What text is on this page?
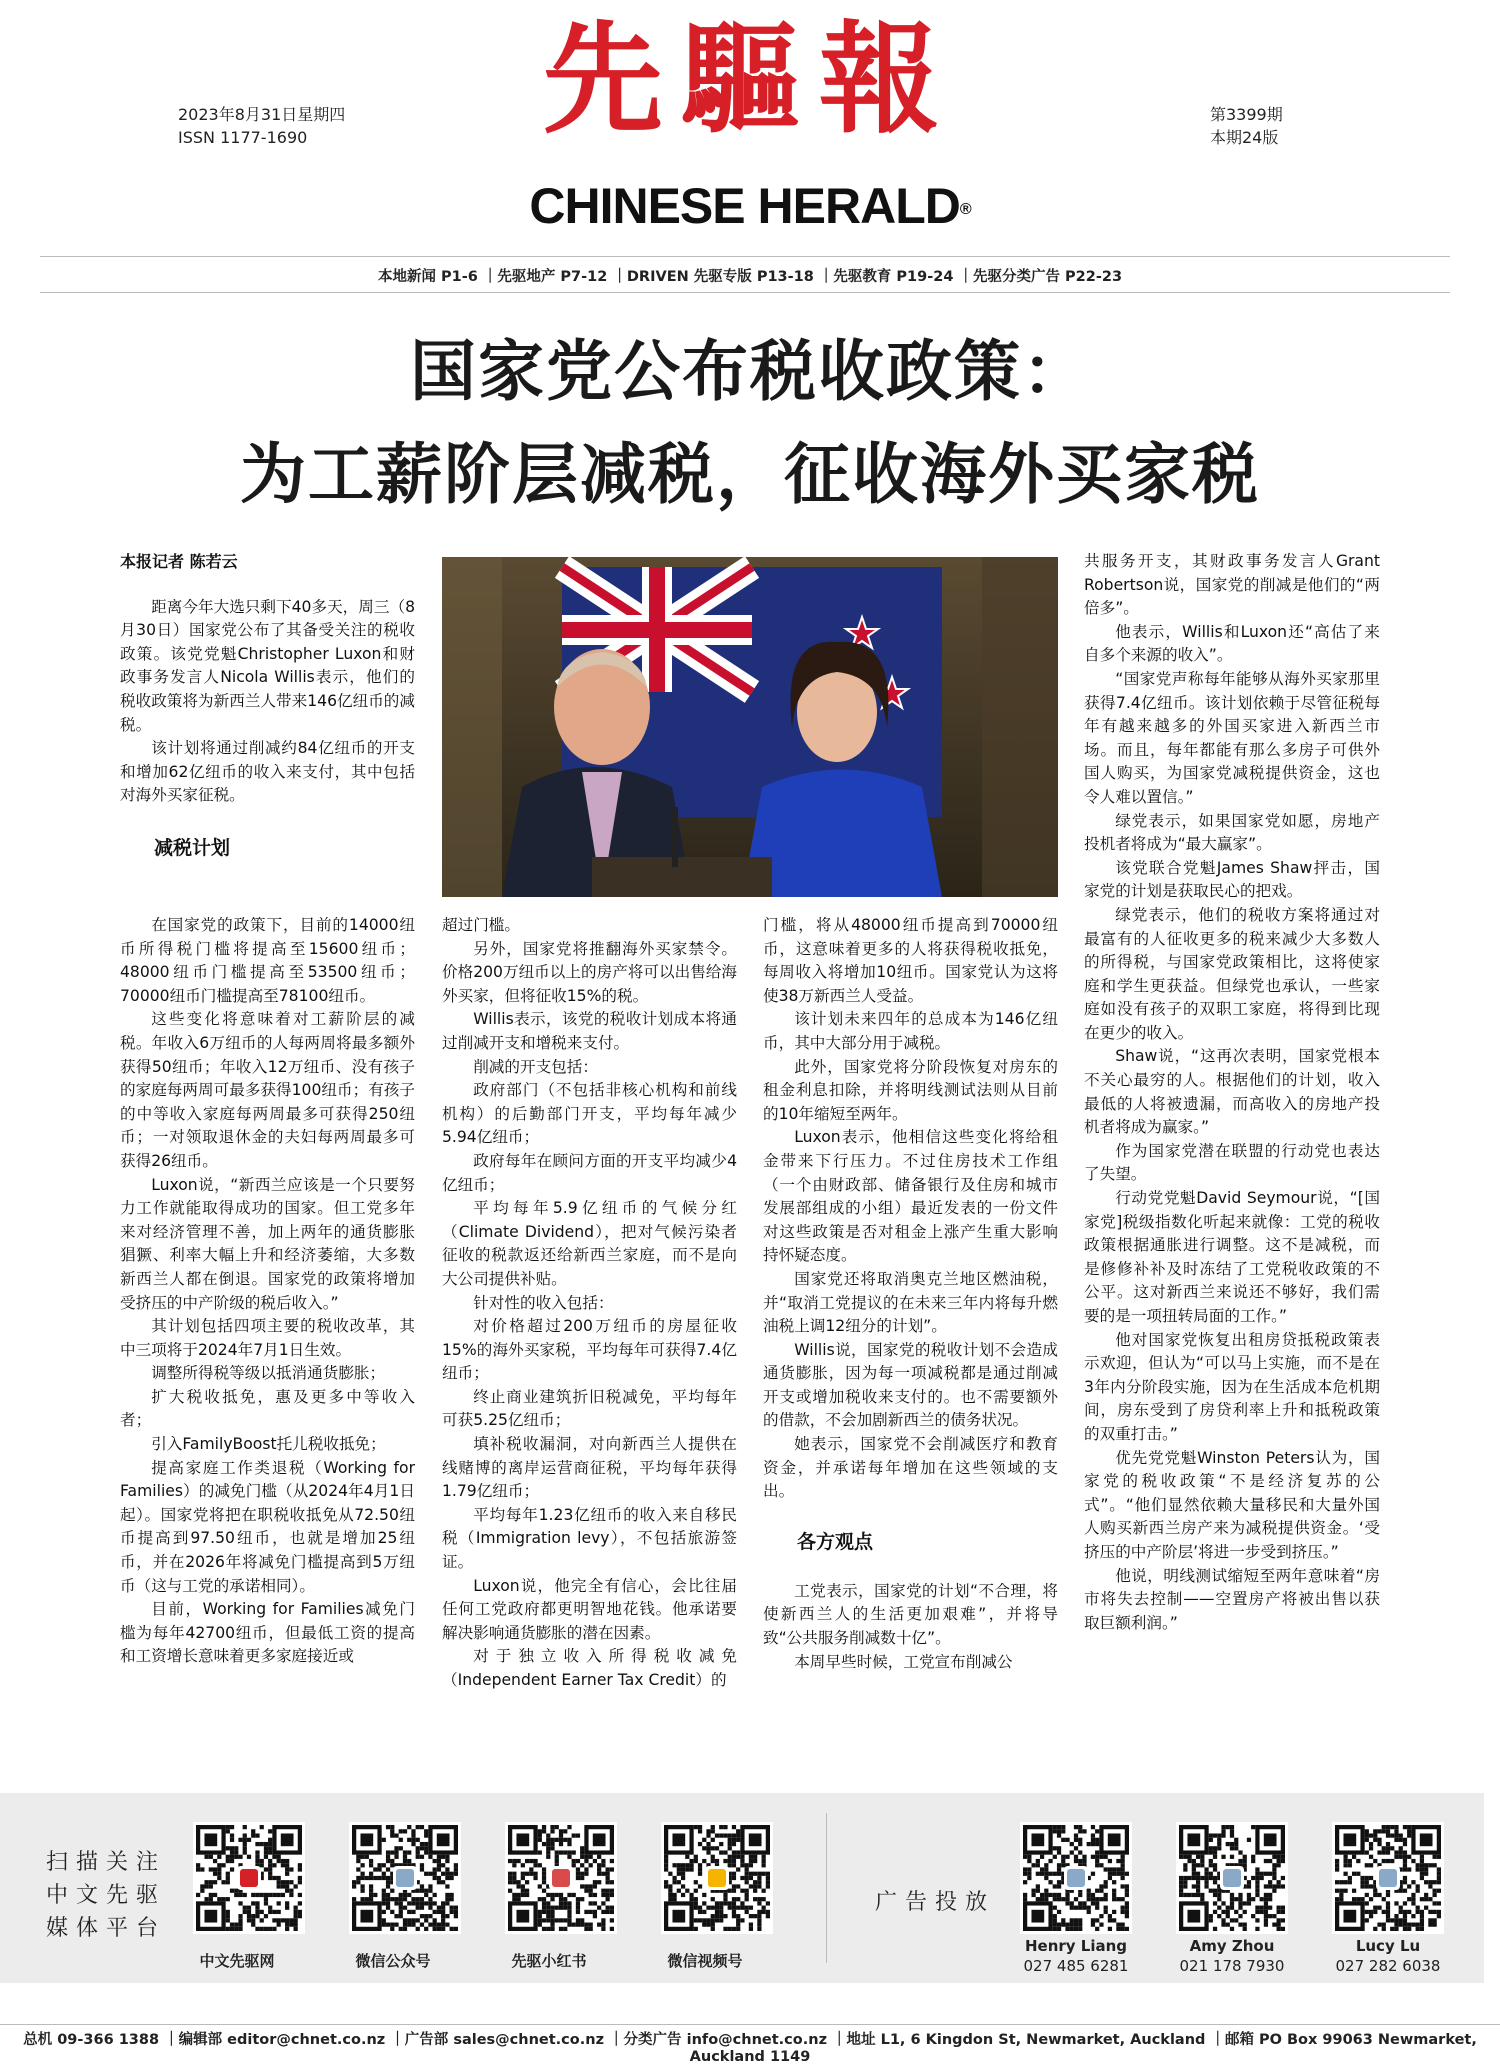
2023年8月31日星期四
ISSN 1177-1690	先驅報
CHINESE HERALD®
第3399期
本期24版
本地新闻 P1-6 ｜先驱地产 P7-12 ｜DRIVEN 先驱专版 P13-18 ｜先驱教育 P19-24 ｜先驱分类广告 P22-23
国家党公布税收政策：
为工薪阶层减税，征收海外买家税

本报记者 陈若云

距离今年大选只剩下40多天，周三（8月30日）国家党公布了其备受关注的税收政策。该党党魁Christopher Luxon和财政事务发言人Nicola Willis表示，他们的税收政策将为新西兰人带来146亿纽币的减税。

该计划将通过削减约84亿纽币的开支和增加62亿纽币的收入来支付，其中包括对海外买家征税。

减税计划

在国家党的政策下，目前的14000纽币所得税门槛将提高至15600纽币；48000纽币门槛提高至53500纽币；70000纽币门槛提高至78100纽币。

这些变化将意味着对工薪阶层的减税。年收入6万纽币的人每两周将最多额外获得50纽币；年收入12万纽币、没有孩子的家庭每两周可最多获得100纽币；有孩子的中等收入家庭每两周最多可获得250纽币；一对领取退休金的夫妇每两周最多可获得26纽币。

Luxon说，“新西兰应该是一个只要努力工作就能取得成功的国家。但工党多年来对经济管理不善，加上两年的通货膨胀猖獗、利率大幅上升和经济萎缩，大多数新西兰人都在倒退。国家党的政策将增加受挤压的中产阶级的税后收入。”

其计划包括四项主要的税收改革，其中三项将于2024年7月1日生效。

调整所得税等级以抵消通货膨胀；

扩大税收抵免，惠及更多中等收入者；

引入FamilyBoost托儿税收抵免；

提高家庭工作类退税（Working for Families）的减免门槛（从2024年4月1日起）。国家党将把在职税收抵免从72.50纽币提高到97.50纽币，也就是增加25纽币，并在2026年将减免门槛提高到5万纽币（这与工党的承诺相同）。

目前，Working for Families减免门槛为每年42700纽币，但最低工资的提高和工资增长意味着更多家庭接近或

超过门槛。

另外，国家党将推翻海外买家禁令。价格200万纽币以上的房产将可以出售给海外买家，但将征收15%的税。

Willis表示，该党的税收计划成本将通过削减开支和增税来支付。

削减的开支包括：

政府部门（不包括非核心机构和前线机构）的后勤部门开支，平均每年减少5.94亿纽币；

政府每年在顾问方面的开支平均减少4亿纽币；

平均每年5.9亿纽币的气候分红（Climate Dividend），把对气候污染者征收的税款返还给新西兰家庭，而不是向大公司提供补贴。

针对性的收入包括：

对价格超过200万纽币的房屋征收15%的海外买家税，平均每年可获得7.4亿纽币；

终止商业建筑折旧税减免，平均每年可获5.25亿纽币；

填补税收漏洞，对向新西兰人提供在线赌博的离岸运营商征税，平均每年获得1.79亿纽币；

平均每年1.23亿纽币的收入来自移民税（Immigration levy），不包括旅游签证。

Luxon说，他完全有信心，会比往届任何工党政府都更明智地花钱。他承诺要解决影响通货膨胀的潜在因素。

对于独立收入所得税收减免（Independent Earner Tax Credit）的

门槛，将从48000纽币提高到70000纽币，这意味着更多的人将获得税收抵免，每周收入将增加10纽币。国家党认为这将使38万新西兰人受益。

该计划未来四年的总成本为146亿纽币，其中大部分用于减税。

此外，国家党将分阶段恢复对房东的租金利息扣除，并将明线测试法则从目前的10年缩短至两年。

Luxon表示，他相信这些变化将给租金带来下行压力。不过住房技术工作组（一个由财政部、储备银行及住房和城市发展部组成的小组）最近发表的一份文件对这些政策是否对租金上涨产生重大影响持怀疑态度。

国家党还将取消奥克兰地区燃油税，并“取消工党提议的在未来三年内将每升燃油税上调12纽分的计划”。

Willis说，国家党的税收计划不会造成通货膨胀，因为每一项减税都是通过削减开支或增加税收来支付的。也不需要额外的借款，不会加剧新西兰的债务状况。

她表示，国家党不会削减医疗和教育资金，并承诺每年增加在这些领域的支出。

各方观点

工党表示，国家党的计划“不合理，将使新西兰人的生活更加艰难”，并将导致“公共服务削减数十亿”。

本周早些时候，工党宣布削减公

共服务开支，其财政事务发言人Grant Robertson说，国家党的削减是他们的“两倍多”。

他表示，Willis和Luxon还“高估了来自多个来源的收入”。

“国家党声称每年能够从海外买家那里获得7.4亿纽币。该计划依赖于尽管征税每年有越来越多的外国买家进入新西兰市场。而且，每年都能有那么多房子可供外国人购买，为国家党减税提供资金，这也令人难以置信。”

绿党表示，如果国家党如愿，房地产投机者将成为“最大赢家”。

该党联合党魁James Shaw抨击，国家党的计划是获取民心的把戏。

绿党表示，他们的税收方案将通过对最富有的人征收更多的税来减少大多数人的所得税，与国家党政策相比，这将使家庭和学生更获益。但绿党也承认，一些家庭如没有孩子的双职工家庭，将得到比现在更少的收入。

Shaw说，“这再次表明，国家党根本不关心最穷的人。根据他们的计划，收入最低的人将被遗漏，而高收入的房地产投机者将成为赢家。”

作为国家党潜在联盟的行动党也表达了失望。

行动党党魁David Seymour说，“[国家党]税级指数化听起来就像：工党的税收政策根据通胀进行调整。这不是减税，而是修修补补及时冻结了工党税收政策的不公平。这对新西兰来说还不够好，我们需要的是一项扭转局面的工作。”

他对国家党恢复出租房贷抵税政策表示欢迎，但认为“可以马上实施，而不是在3年内分阶段实施，因为在生活成本危机期间，房东受到了房贷利率上升和抵税政策的双重打击。”

优先党党魁Winston Peters认为，国家党的税收政策“不是经济复苏的公式”。“他们显然依赖大量移民和大量外国人购买新西兰房产来为减税提供资金。‘受挤压的中产阶层’将进一步受到挤压。”

他说，明线测试缩短至两年意味着“房市将失去控制——空置房产将被出售以获取巨额利润。”

扫描关注中文先驱媒体平台
中文先驱网	微信公众号	先驱小红书	微信视频号
广告投放
Henry Liang
027 485 6281
Amy Zhou
021 178 7930
Lucy Lu
027 282 6038
总机 09-366 1388 ｜编辑部 editor@chnet.co.nz ｜广告部 sales@chnet.co.nz ｜分类广告 info@chnet.co.nz ｜地址 L1, 6 Kingdon St, Newmarket, Auckland ｜邮箱 PO Box 99063 Newmarket, Auckland 1149
